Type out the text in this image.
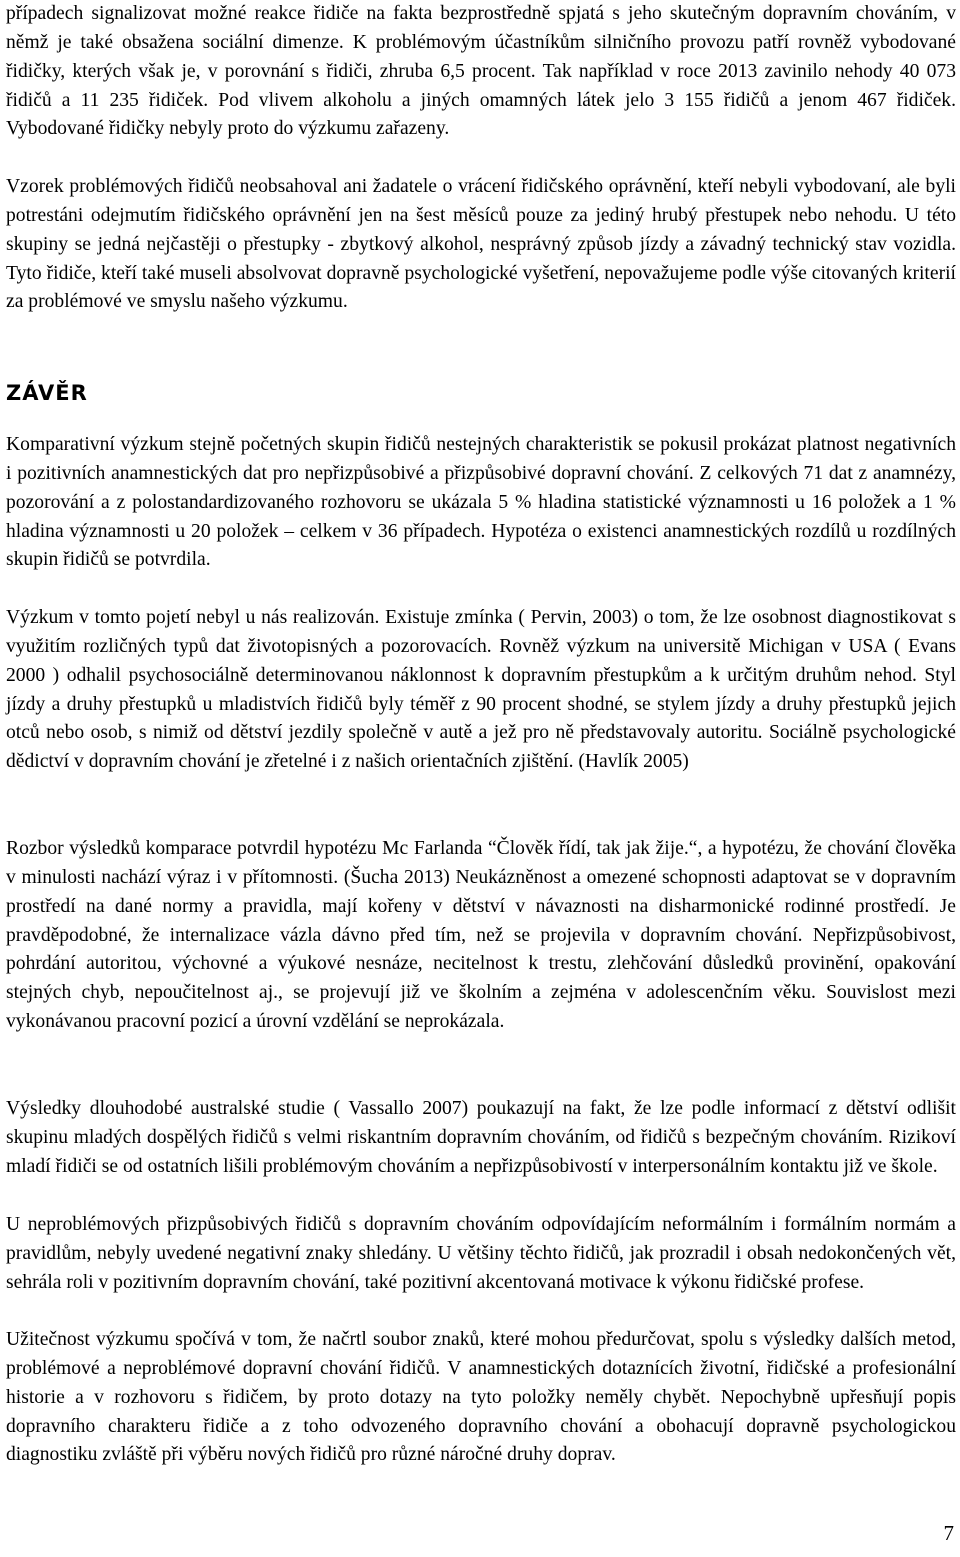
případech signalizovat možné reakce řidiče na fakta bezprostředně spjatá s jeho skutečným dopravním chováním, v němž je také obsažena sociální dimenze. K problémovým účastníkům silničního provozu patří rovněž vybodované řidičky, kterých však je, v porovnání s řidiči, zhruba 6,5 procent. Tak například v roce 2013 zavinilo nehody 40 073 řidičů a 11 235 řidiček. Pod vlivem alkoholu a jiných omamných látek jelo 3 155 řidičů a jenom 467 řidiček. Vybodované řidičky nebyly proto do výzkumu zařazeny.

Vzorek problémových řidičů neobsahoval ani žadatele o vrácení řidičského oprávnění, kteří nebyli vybodovaní, ale byli potrestáni odejmutím řidičského oprávnění jen na šest měsíců pouze za jediný hrubý přestupek nebo nehodu. U této skupiny se jedná nejčastěji o přestupky - zbytkový alkohol, nesprávný způsob jízdy a závadný technický stav vozidla. Tyto řidiče, kteří také museli absolvovat dopravně psychologické vyšetření, nepovažujeme podle výše citovaných kriterií za problémové ve smyslu našeho výzkumu.

ZÁVĚR

Komparativní výzkum stejně početných skupin řidičů nestejných charakteristik se pokusil prokázat platnost negativních i pozitivních anamnestických dat pro nepřizpůsobivé a přizpůsobivé dopravní chování. Z celkových 71 dat z anamnézy, pozorování a z polostandardizovaného rozhovoru se ukázala 5 % hladina statistické významnosti u 16 položek a 1 % hladina významnosti u 20 položek – celkem v 36 případech. Hypotéza o existenci anamnestických rozdílů u rozdílných skupin řidičů se potvrdila.

Výzkum v tomto pojetí nebyl u nás realizován. Existuje zmínka ( Pervin, 2003) o tom, že lze osobnost diagnostikovat s využitím rozličných typů dat životopisných a pozorovacích. Rovněž výzkum na universitě Michigan v USA ( Evans 2000 ) odhalil psychosociálně determinovanou náklonnost k dopravním přestupkům a k určitým druhům nehod. Styl jízdy a druhy přestupků u mladistvích řidičů byly téměř z 90 procent shodné, se stylem jízdy a druhy přestupků jejich otců nebo osob, s nimiž od dětství jezdily společně v autě a jež pro ně představovaly autoritu. Sociálně psychologické dědictví v dopravním chování je zřetelné i z našich orientačních zjištění. (Havlík 2005)

Rozbor výsledků komparace potvrdil hypotézu Mc Farlanda “Člověk řídí, tak jak žije.“, a hypotézu, že chování člověka v minulosti nachází výraz i v přítomnosti. (Šucha 2013) Neukázněnost a omezené schopnosti adaptovat se v dopravním prostředí na dané normy a pravidla, mají kořeny v dětství v návaznosti na disharmonické rodinné prostředí. Je pravděpodobné, že internalizace vázla dávno před tím, než se projevila v dopravním chování. Nepřizpůsobivost, pohrdání autoritou, výchovné a výukové nesnáze, necitelnost k trestu, zlehčování důsledků provinění, opakování stejných chyb, nepoučitelnost aj., se projevují již ve školním a zejména v adolescenčním věku. Souvislost mezi vykonávanou pracovní pozicí a úrovní vzdělání se neprokázala.

Výsledky dlouhodobé australské studie ( Vassallo 2007) poukazují na fakt, že lze podle informací z dětství odlišit skupinu mladých dospělých řidičů s velmi riskantním dopravním chováním, od řidičů s bezpečným chováním. Rizikoví mladí řidiči se od ostatních lišili problémovým chováním a nepřizpůsobivostí v interpersonálním kontaktu již ve škole.

U neproblémových přizpůsobivých řidičů s dopravním chováním odpovídajícím neformálním i formálním normám a pravidlům, nebyly uvedené negativní znaky shledány. U většiny těchto řidičů, jak prozradil i obsah nedokončených vět, sehrála roli v pozitivním dopravním chování, také pozitivní akcentovaná motivace k výkonu řidičské profese.

Užitečnost výzkumu spočívá v tom, že načrtl soubor znaků, které mohou předurčovat, spolu s výsledky dalších metod, problémové a neproblémové dopravní chování řidičů. V anamnestických dotaznících životní, řidičské a profesionální historie a v rozhovoru s řidičem, by proto dotazy na tyto položky neměly chybět. Nepochybně upřesňují popis dopravního charakteru řidiče a z toho odvozeného dopravního chování a obohacují dopravně psychologickou diagnostiku zvláště při výběru nových řidičů pro různé náročné druhy doprav.

7
